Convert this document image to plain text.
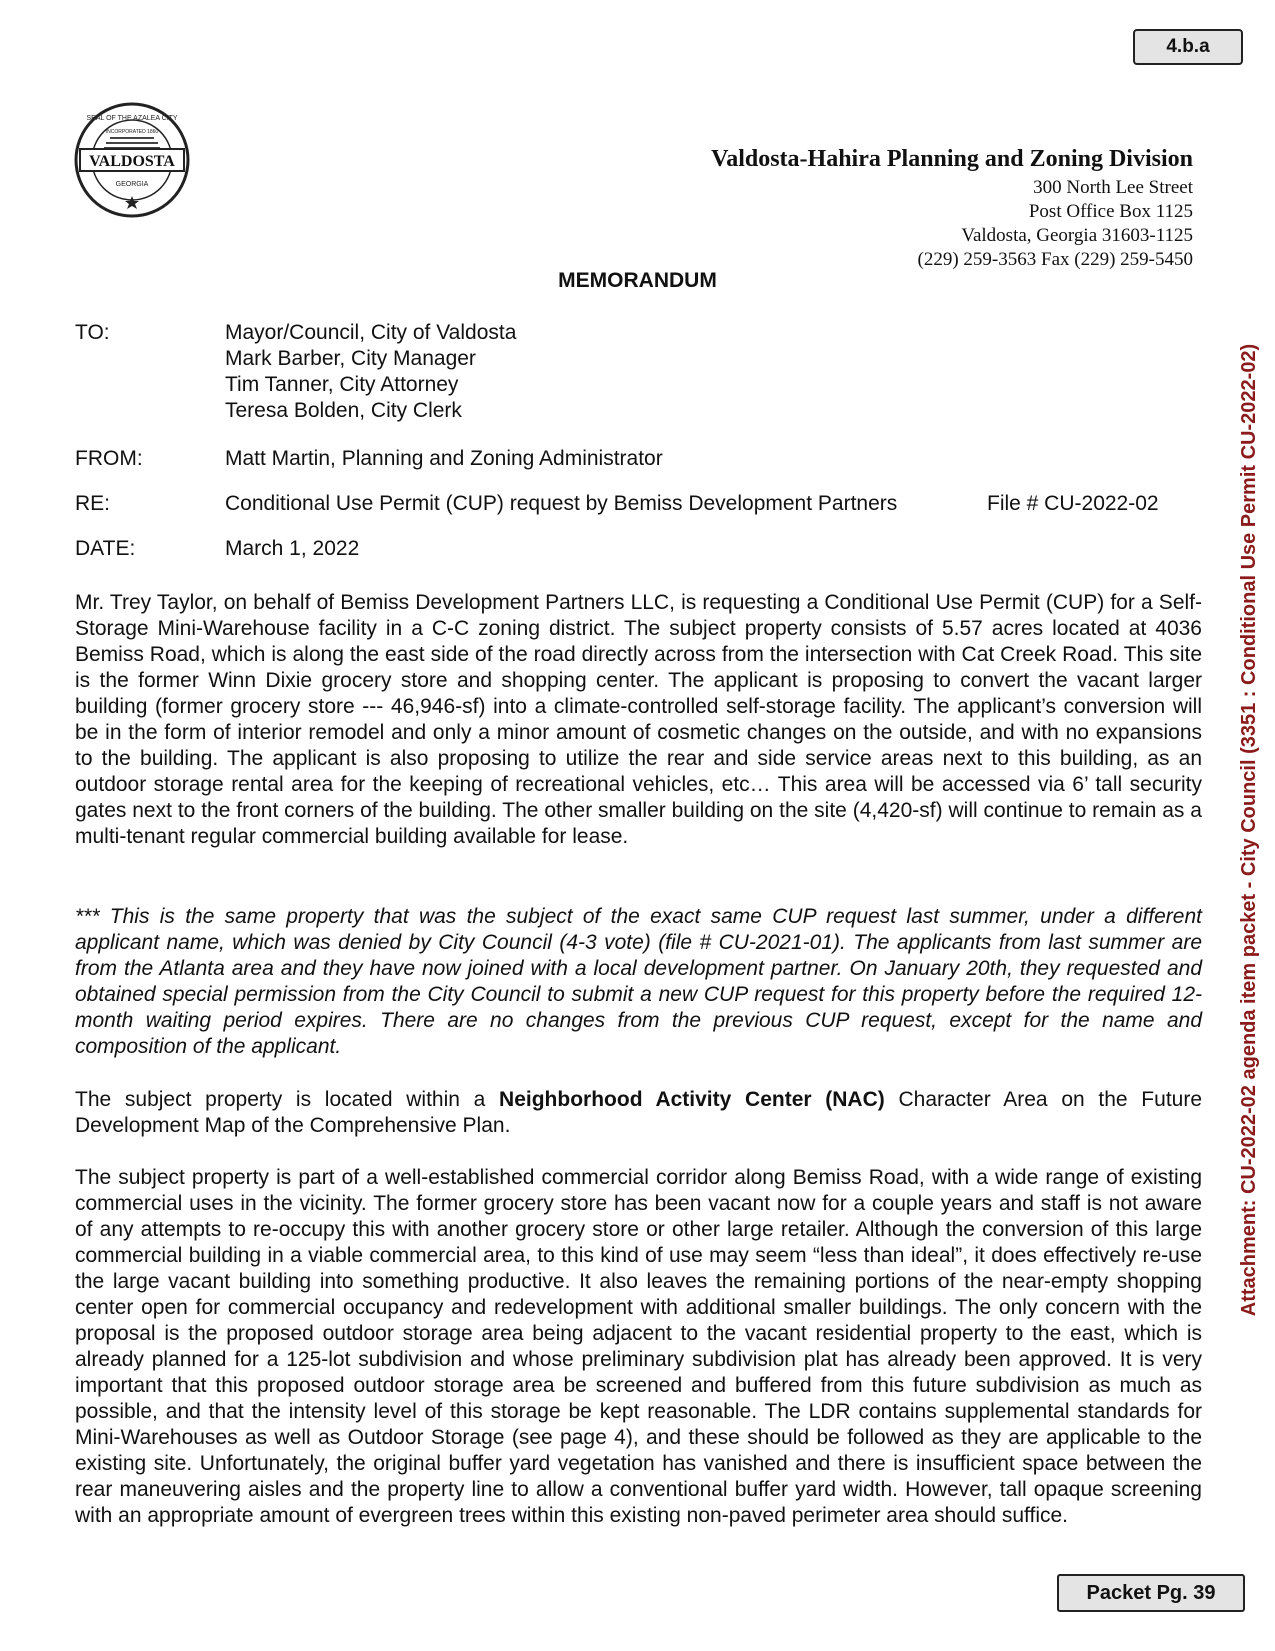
4.b.a
VALDOSTA
SEAL OF THE AZALEA CITY
INCORPORATED 1860
GEORGIA
Valdosta-Hahira Planning and Zoning Division
300 North Lee Street
Post Office Box 1125
Valdosta, Georgia 31603-1125
(229) 259-3563 Fax (229) 259-5450
MEMORANDUM
TO:	Mayor/Council, City of Valdosta
Mark Barber, City Manager
Tim Tanner, City Attorney
Teresa Bolden, City Clerk
FROM:	Matt Martin, Planning and Zoning Administrator
RE:	Conditional Use Permit (CUP) request by Bemiss Development Partners	File # CU-2022-02
DATE:	March 1, 2022

Mr. Trey Taylor, on behalf of Bemiss Development Partners LLC, is requesting a Conditional Use Permit (CUP) for a Self-Storage Mini-Warehouse facility in a C-C zoning district. The subject property consists of 5.57 acres located at 4036 Bemiss Road, which is along the east side of the road directly across from the intersection with Cat Creek Road. This site is the former Winn Dixie grocery store and shopping center. The applicant is proposing to convert the vacant larger building (former grocery store --- 46,946-sf) into a climate-controlled self-storage facility. The applicant’s conversion will be in the form of interior remodel and only a minor amount of cosmetic changes on the outside, and with no expansions to the building. The applicant is also proposing to utilize the rear and side service areas next to this building, as an outdoor storage rental area for the keeping of recreational vehicles, etc… This area will be accessed via 6’ tall security gates next to the front corners of the building. The other smaller building on the site (4,420-sf) will continue to remain as a multi-tenant regular commercial building available for lease.

*** This is the same property that was the subject of the exact same CUP request last summer, under a different applicant name, which was denied by City Council (4-3 vote) (file # CU-2021-01). The applicants from last summer are from the Atlanta area and they have now joined with a local development partner. On January 20th, they requested and obtained special permission from the City Council to submit a new CUP request for this property before the required 12-month waiting period expires. There are no changes from the previous CUP request, except for the name and composition of the applicant.

The subject property is located within a Neighborhood Activity Center (NAC) Character Area on the Future Development Map of the Comprehensive Plan.

The subject property is part of a well-established commercial corridor along Bemiss Road, with a wide range of existing commercial uses in the vicinity. The former grocery store has been vacant now for a couple years and staff is not aware of any attempts to re-occupy this with another grocery store or other large retailer. Although the conversion of this large commercial building in a viable commercial area, to this kind of use may seem “less than ideal”, it does effectively re-use the large vacant building into something productive. It also leaves the remaining portions of the near-empty shopping center open for commercial occupancy and redevelopment with additional smaller buildings. The only concern with the proposal is the proposed outdoor storage area being adjacent to the vacant residential property to the east, which is already planned for a 125-lot subdivision and whose preliminary subdivision plat has already been approved. It is very important that this proposed outdoor storage area be screened and buffered from this future subdivision as much as possible, and that the intensity level of this storage be kept reasonable. The LDR contains supplemental standards for Mini-Warehouses as well as Outdoor Storage (see page 4), and these should be followed as they are applicable to the existing site. Unfortunately, the original buffer yard vegetation has vanished and there is insufficient space between the rear maneuvering aisles and the property line to allow a conventional buffer yard width. However, tall opaque screening with an appropriate amount of evergreen trees within this existing non-paved perimeter area should suffice.

Attachment: CU-2022-02 agenda item packet - City Council (3351 : Conditional Use Permit CU-2022-02)
Packet Pg. 39
